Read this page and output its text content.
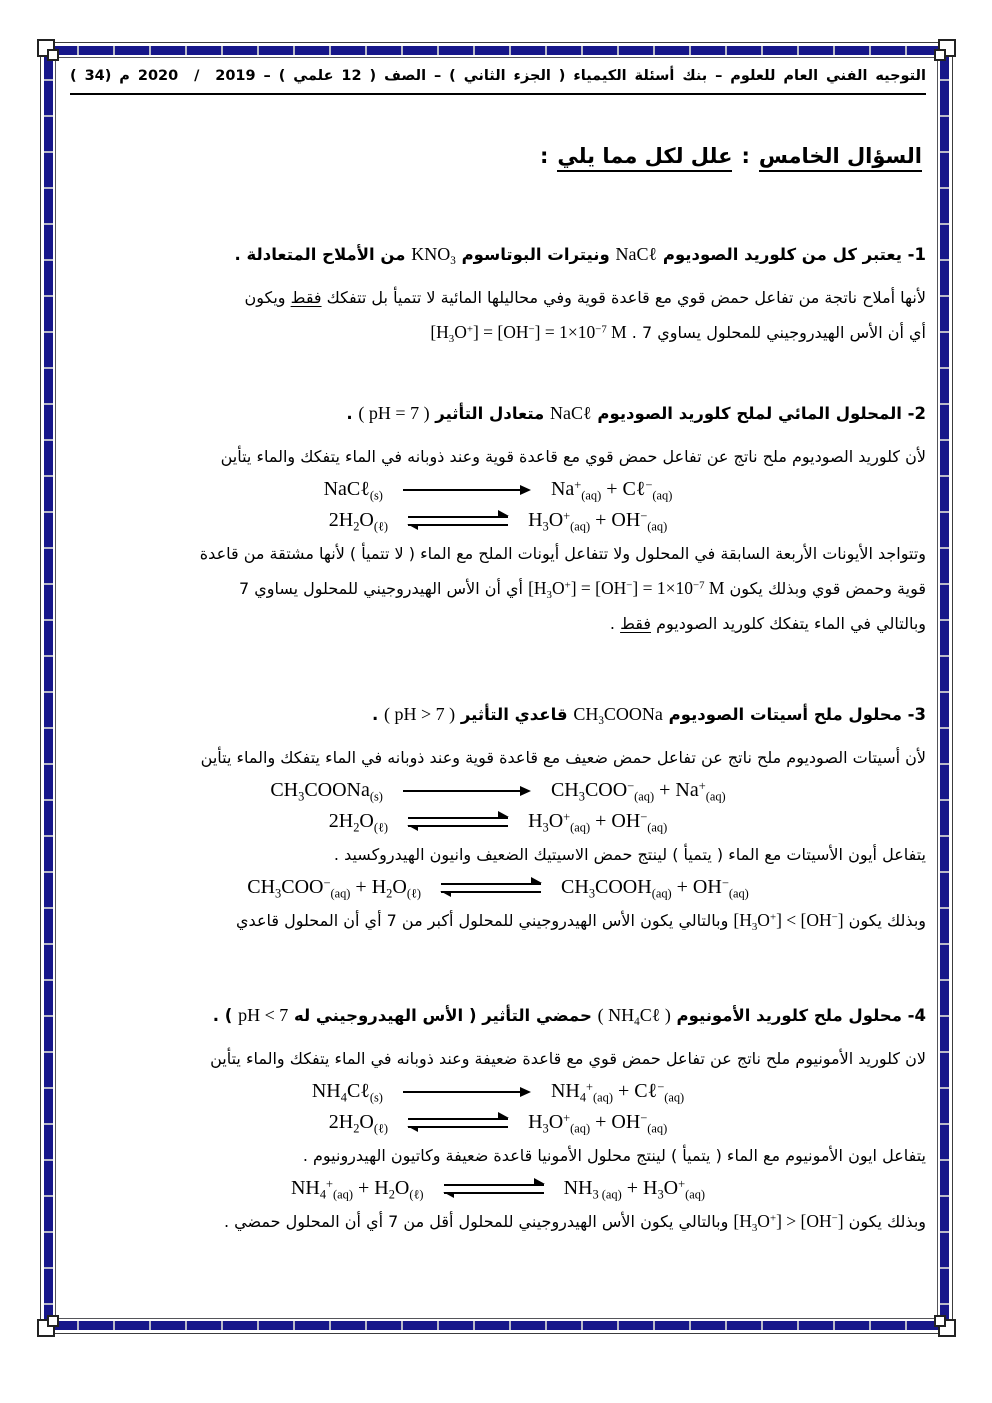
التوجيه الفني العام للعلوم – بنك أسئلة الكيمياء ( الجزء الثاني ) – الصف ( 12 علمي ) – 2019  /  2020 م (34 )
السؤال الخامس:علل لكل مما يلي:

1- يعتبر كل من كلوريد الصوديوم NaCℓ ونيترات البوتاسوم $KNO_3$ من الأملاح المتعادلة .

لأنها أملاح ناتجة من تفاعل حمض قوي مع قاعدة قوية وفي محاليلها المائية لا تتميأ بل تتفكك فقط ويكون

أي أن الأس الهيدروجيني للمحلول يساوي 7 . $[H_3O^+] = [OH^-] = 1\times 10^{-7}$ M

2- المحلول المائي لملح كلوريد الصوديوم NaCℓ متعادل التأثير ( pH = 7 ) .

لأن كلوريد الصوديوم ملح ناتج عن تفاعل حمض قوي مع قاعدة قوية وعند ذوبانه في الماء يتفكك والماء يتأين

NaCℓ$_{(s)}$	$Na^+_{(aq)}$ + Cℓ−$_{(aq)}$
$2H_2O_{(\ell)}$	$H_3O^+_{(aq)} + OH^-_{(aq)}$

وتتواجد الأيونات الأربعة السابقة في المحلول ولا تتفاعل أيونات الملح مع الماء ( لا تتميأ ) لأنها مشتقة من قاعدة

قوية وحمض قوي وبذلك يكون $[H_3O^+] = [OH^-] = 1\times 10^{-7}$ M أي أن الأس الهيدروجيني للمحلول يساوي 7

وبالتالي في الماء يتفكك كلوريد الصوديوم فقط .

3- محلول ملح أسيتات الصوديوم $CH_3COONa$ قاعدي التأثير ( pH > 7 ) .

لأن أسيتات الصوديوم ملح ناتج عن تفاعل حمض ضعيف مع قاعدة قوية وعند ذوبانه في الماء يتفكك والماء يتأين

$CH_3COONa_{(s)}$	$CH_3COO^-_{(aq)} + Na^+_{(aq)}$
$2H_2O_{(\ell)}$	$H_3O^+_{(aq)} + OH^-_{(aq)}$

يتفاعل أيون الأسيتات مع الماء ( يتميأ ) لينتج حمض الاسيتيك الضعيف وانيون الهيدروكسيد .

$CH_3COO^-_{(aq)} + H_2O_{(\ell)}$	$CH_3COOH_{(aq)} + OH^-_{(aq)}$

وبذلك يكون $[H_3O^+] < [OH^-]$ وبالتالي يكون الأس الهيدروجيني للمحلول أكبر من 7 أي أن المحلول قاعدي

4- محلول ملح كلوريد الأمونيوم ( $NH_4C\ell$ ) حمضي التأثير ( الأس الهيدروجيني له pH < 7 ) .

لان كلوريد الأمونيوم ملح ناتج عن تفاعل حمض قوي مع قاعدة ضعيفة وعند ذوبانه في الماء يتفكك والماء يتأين

$NH_4C\ell_{(s)}$	$NH_4^+_{(aq)}$ + Cℓ−$_{(aq)}$
$2H_2O_{(\ell)}$	$H_3O^+_{(aq)} + OH^-_{(aq)}$

يتفاعل ايون الأمونيوم مع الماء ( يتميأ ) لينتج محلول الأمونيا قاعدة ضعيفة وكاتيون الهيدرونيوم .

$NH_4^+_{(aq)} + H_2O_{(\ell)}$	$NH_{3 (aq)} + H_3O^+_{(aq)}$

وبذلك يكون $[H_3O^+] > [OH^-]$ وبالتالي يكون الأس الهيدروجيني للمحلول أقل من 7 أي أن المحلول حمضي .
